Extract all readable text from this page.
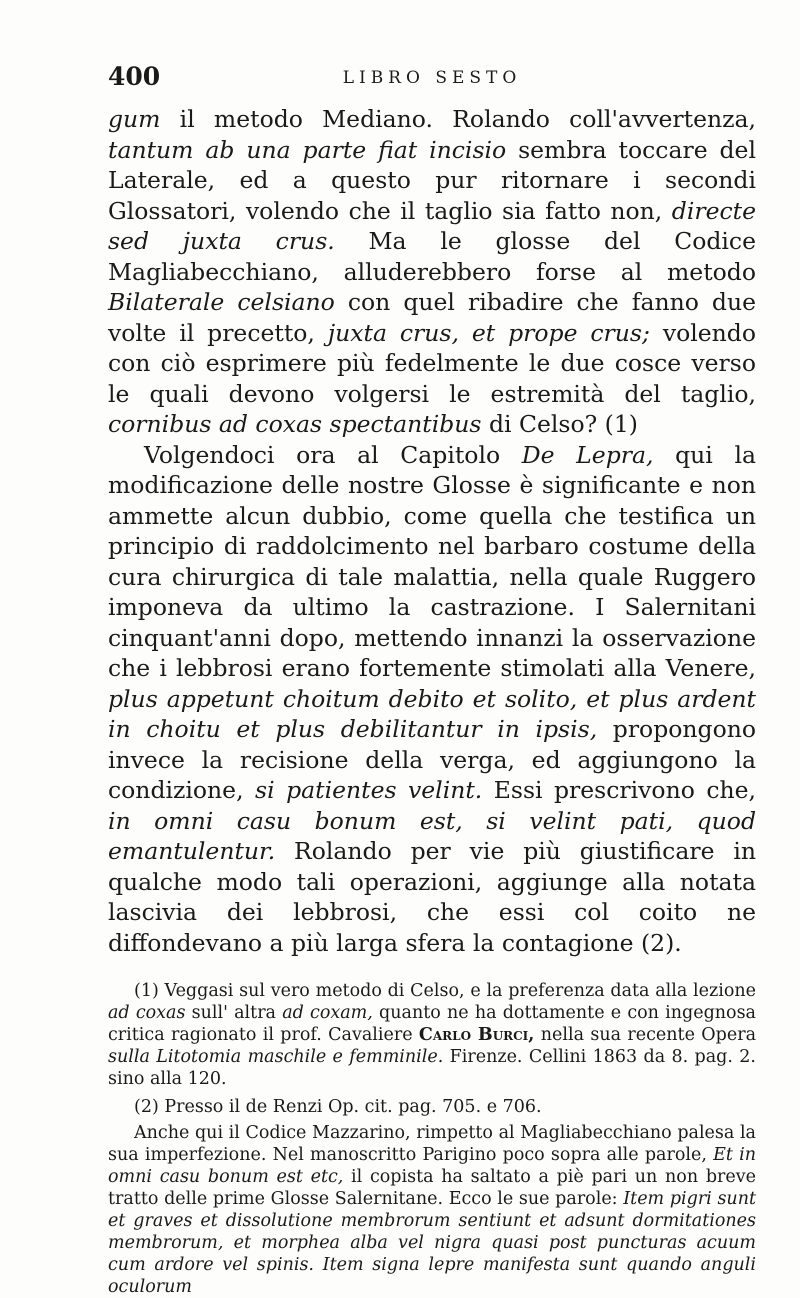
400	LIBRO SESTO

gum il metodo Mediano. Rolando coll'avvertenza, tantum ab una parte fiat incisio sembra toccare del Laterale, ed a questo pur ritornare i secondi Glossatori, volendo che il taglio sia fatto non, directe sed juxta crus. Ma le glosse del Codice Magliabecchiano, alluderebbero forse al metodo Bilaterale celsiano con quel ribadire che fanno due volte il precetto, juxta crus, et prope crus; volendo con ciò esprimere più fedelmente le due cosce verso le quali devono volgersi le estremità del taglio, cornibus ad coxas spectantibus di Celso? (1)

Volgendoci ora al Capitolo De Lepra, qui la modificazione delle nostre Glosse è significante e non ammette alcun dubbio, come quella che testifica un principio di raddolcimento nel barbaro costume della cura chirurgica di tale malattia, nella quale Ruggero imponeva da ultimo la castrazione. I Salernitani cinquant'anni dopo, mettendo innanzi la osservazione che i lebbrosi erano fortemente stimolati alla Venere, plus appetunt choitum debito et solito, et plus ardent in choitu et plus debilitantur in ipsis, propongono invece la recisione della verga, ed aggiungono la condizione, si patientes velint. Essi prescrivono che, in omni casu bonum est, si velint pati, quod emantulentur. Rolando per vie più giustificare in qualche modo tali operazioni, aggiunge alla notata lascivia dei lebbrosi, che essi col coito ne diffondevano a più larga sfera la contagione (2).

(1) Veggasi sul vero metodo di Celso, e la preferenza data alla lezione ad coxas sull' altra ad coxam, quanto ne ha dottamente e con ingegnosa critica ragionato il prof. Cavaliere Carlo Burci, nella sua recente Opera sulla Litotomia maschile e femminile. Firenze. Cellini 1863 da 8. pag. 2. sino alla 120.

(2) Presso il de Renzi Op. cit. pag. 705. e 706.

Anche qui il Codice Mazzarino, rimpetto al Magliabecchiano palesa la sua imperfezione. Nel manoscritto Parigino poco sopra alle parole, Et in omni casu bonum est etc, il copista ha saltato a piè pari un non breve tratto delle prime Glosse Salernitane. Ecco le sue parole: Item pigri sunt et graves et dissolutione membrorum sentiunt et adsunt dormitationes membrorum, et morphea alba vel nigra quasi post puncturas acuum cum ardore vel spinis. Item signa lepre manifesta sunt quando anguli oculorum
